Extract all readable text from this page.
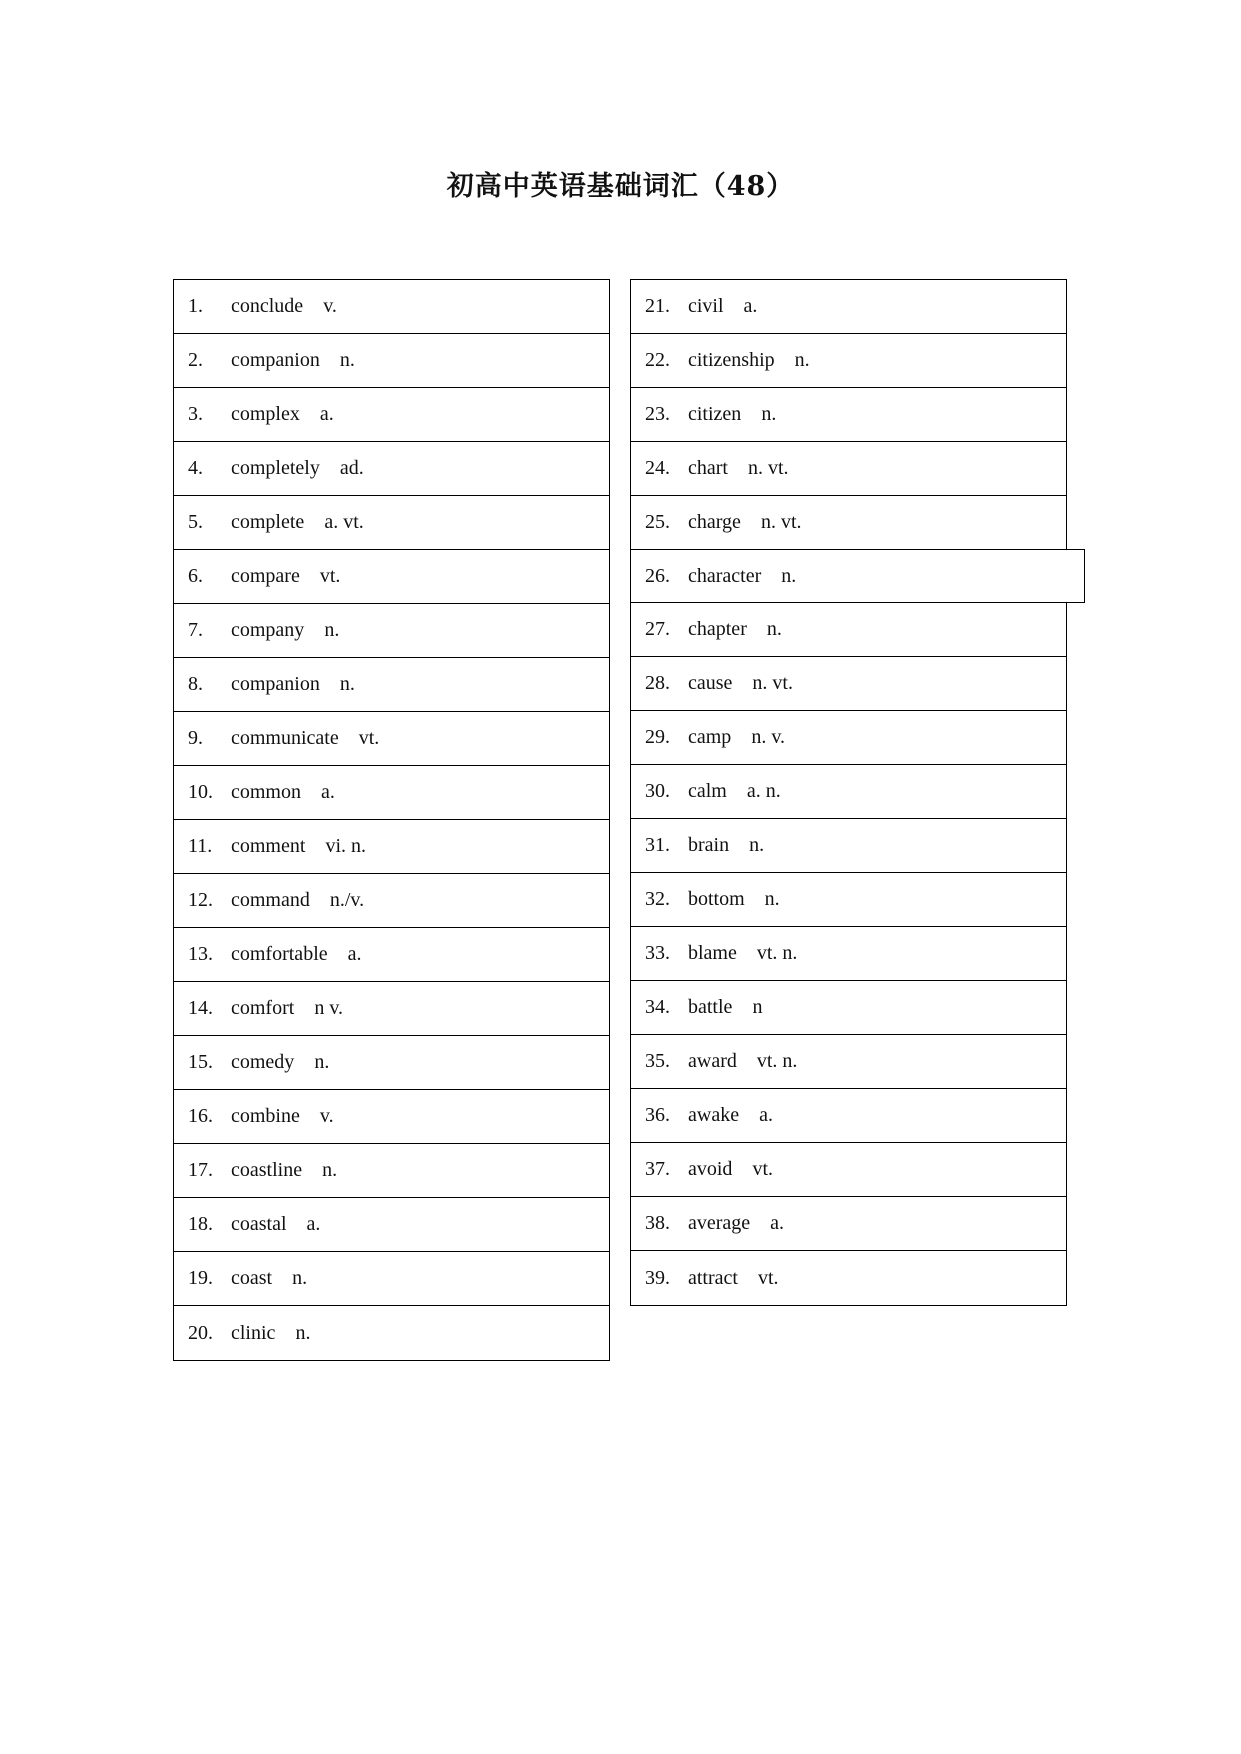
初高中英语基础词汇（48）
1.	conclude v.
2.	companion n.
3.	complex a.
4.	completely ad.
5.	complete a. vt.
6.	compare vt.
7.	company n.
8.	companion n.
9.	communicate vt.
10. common a.
11. comment vi. n.
12. command n./v.
13. comfortable a.
14. comfort n v.
15. comedy n.
16. combine v.
17. coastline n.
18. coastal a.
19. coast n.
20. clinic n.
21. civil a.
22. citizenship n.
23. citizen n.
24. chart n. vt.
25. charge n. vt.
26. character n.
27. chapter n.
28. cause n. vt.
29. camp n. v.
30. calm a. n.
31. brain n.
32. bottom n.
33. blame vt. n.
34. battle n
35. award vt. n.
36. awake a.
37. avoid vt.
38. average a.
39. attract vt.
